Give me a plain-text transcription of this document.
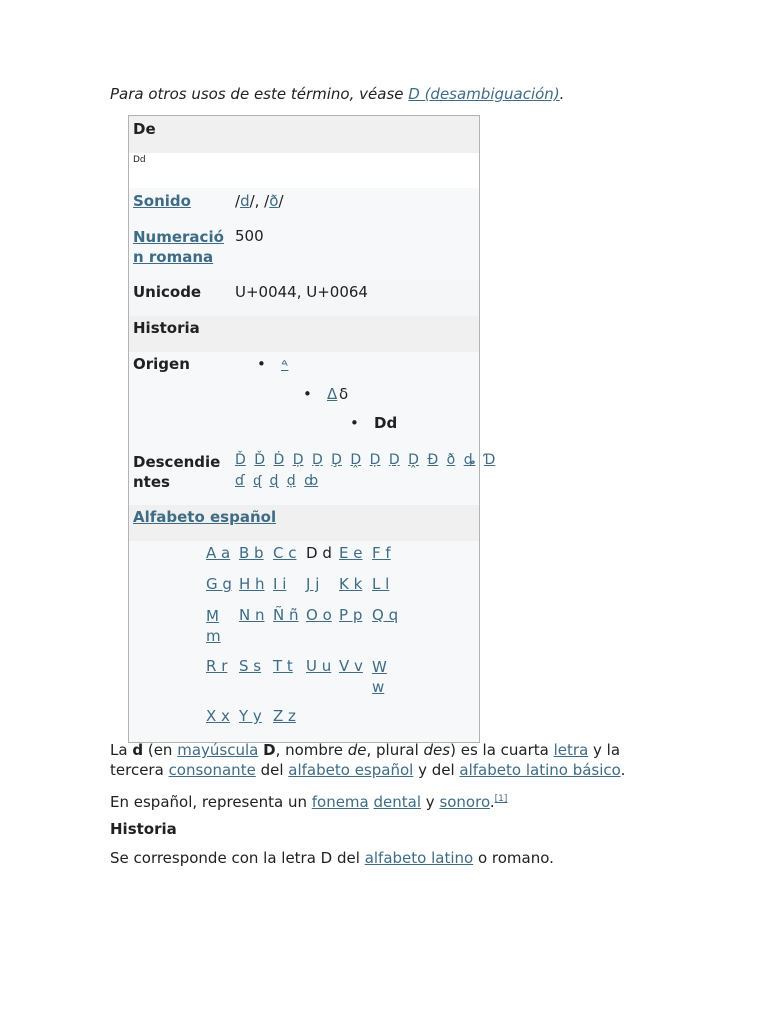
Para otros usos de este término, véase D (desambiguación).
De
Dd
Sonido	/d/, /ð/
Numeració
n romana
500
Unicode U+0044, U+0064
Historia
Origen	• 𐤃
• Δ δ
• Dd
Descendie
ntes
Ď Ď Ḋ Ḍ Ḏ Ḑ Ḓ Ḍ Ḏ Ḓ Ð ð ȡ Ɗ
ɗ ᶑ ɖ ḍ ȸ
Alfabeto español
A a B b C c D d E e F f
G g H h I i J j K k L l
M m
N n Ñ ñ O o P p Q q
R r S s T t U u V v W w
X x Y y Z z
La d (en mayúscula D, nombre de, plural des) es la cuarta letra y la tercera consonante del alfabeto español y del alfabeto latino básico.
En español, representa un fonema dental y sonoro.[1]
Historia
Se corresponde con la letra D del alfabeto latino o romano.
